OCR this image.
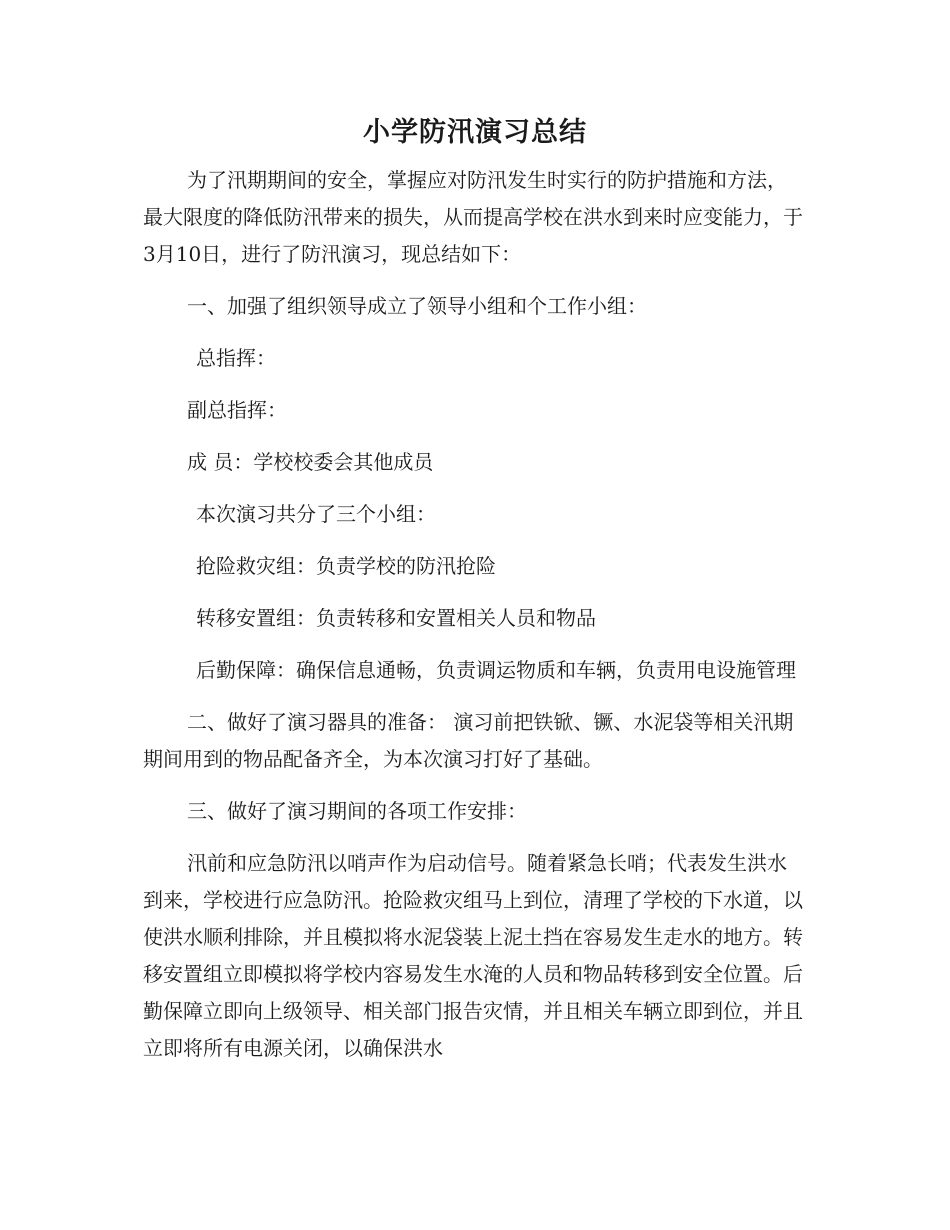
小学防汛演习总结

为了汛期期间的安全，掌握应对防汛发生时实行的防护措施和方法，最大限度的降低防汛带来的损失，从而提高学校在洪水到来时应变能力，于3月10日，进行了防汛演习，现总结如下：

一、加强了组织领导成立了领导小组和个工作小组：

总指挥：

副总指挥：

成 员：学校校委会其他成员

本次演习共分了三个小组：

抢险救灾组：负责学校的防汛抢险

转移安置组：负责转移和安置相关人员和物品

后勤保障：确保信息通畅，负责调运物质和车辆，负责用电设施管理

二、做好了演习器具的准备： 演习前把铁锨、镢、水泥袋等相关汛期期间用到的物品配备齐全，为本次演习打好了基础。

三、做好了演习期间的各项工作安排：

汛前和应急防汛以哨声作为启动信号。随着紧急长哨；代表发生洪水到来，学校进行应急防汛。抢险救灾组马上到位，清理了学校的下水道，以使洪水顺利排除，并且模拟将水泥袋装上泥土挡在容易发生走水的地方。转移安置组立即模拟将学校内容易发生水淹的人员和物品转移到安全位置。后勤保障立即向上级领导、相关部门报告灾情，并且相关车辆立即到位，并且立即将所有电源关闭，以确保洪水
